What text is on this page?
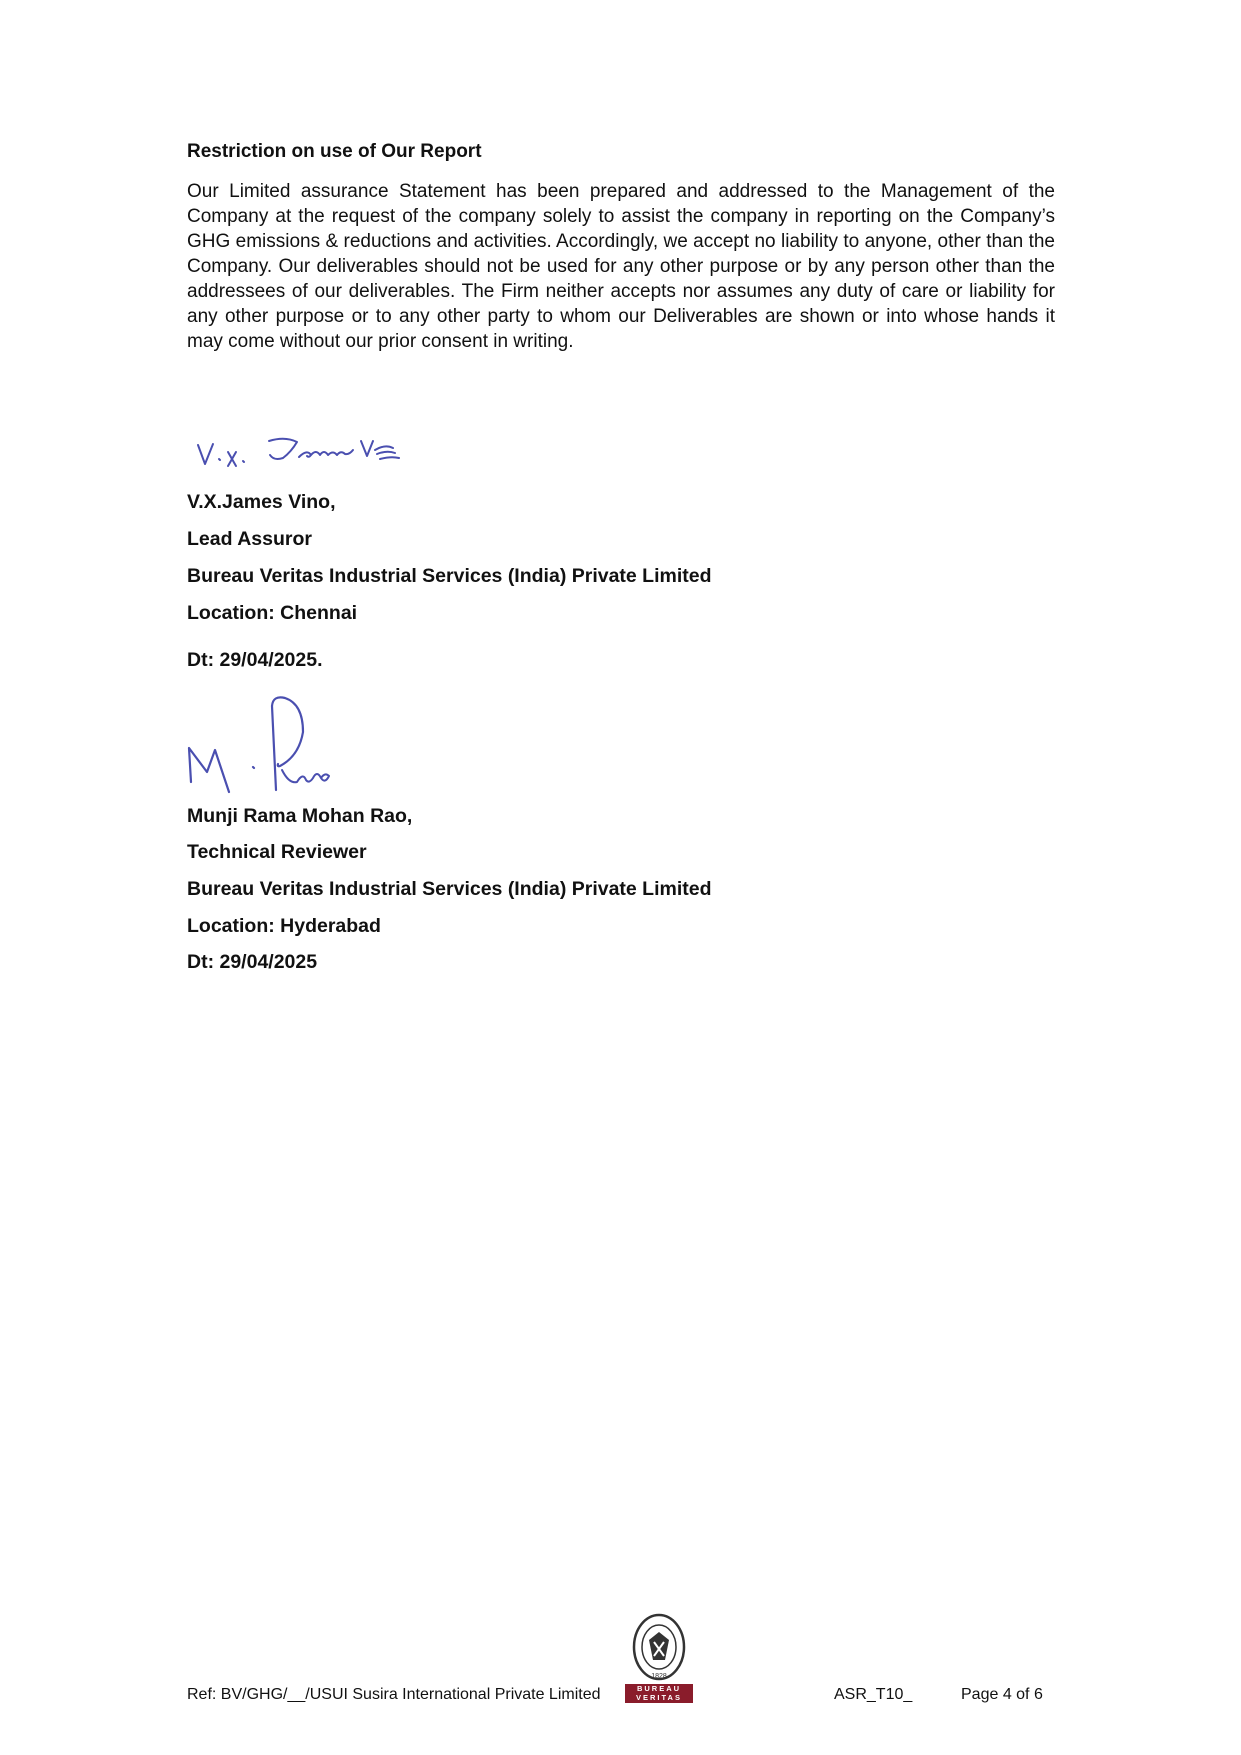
Restriction on use of Our Report
Our Limited assurance Statement has been prepared and addressed to the Management of the Company at the request of the company solely to assist the company in reporting on the Company’s GHG emissions & reductions and activities. Accordingly, we accept no liability to anyone, other than the Company. Our deliverables should not be used for any other purpose or by any person other than the addressees of our deliverables. The Firm neither accepts nor assumes any duty of care or liability for any other purpose or to any other party to whom our Deliverables are shown or into whose hands it may come without our prior consent in writing.
V.X.James Vino,
Lead Assuror
Bureau Veritas Industrial Services (India) Private Limited
Location: Chennai
Dt: 29/04/2025.
Munji Rama Mohan Rao,
Technical Reviewer
Bureau Veritas Industrial Services (India) Private Limited
Location: Hyderabad
Dt: 29/04/2025
Ref: BV/GHG/__/USUI Susira International Private Limited
1828
BUREAU
VERITAS	ASR_T10_	Page 4 of 6
